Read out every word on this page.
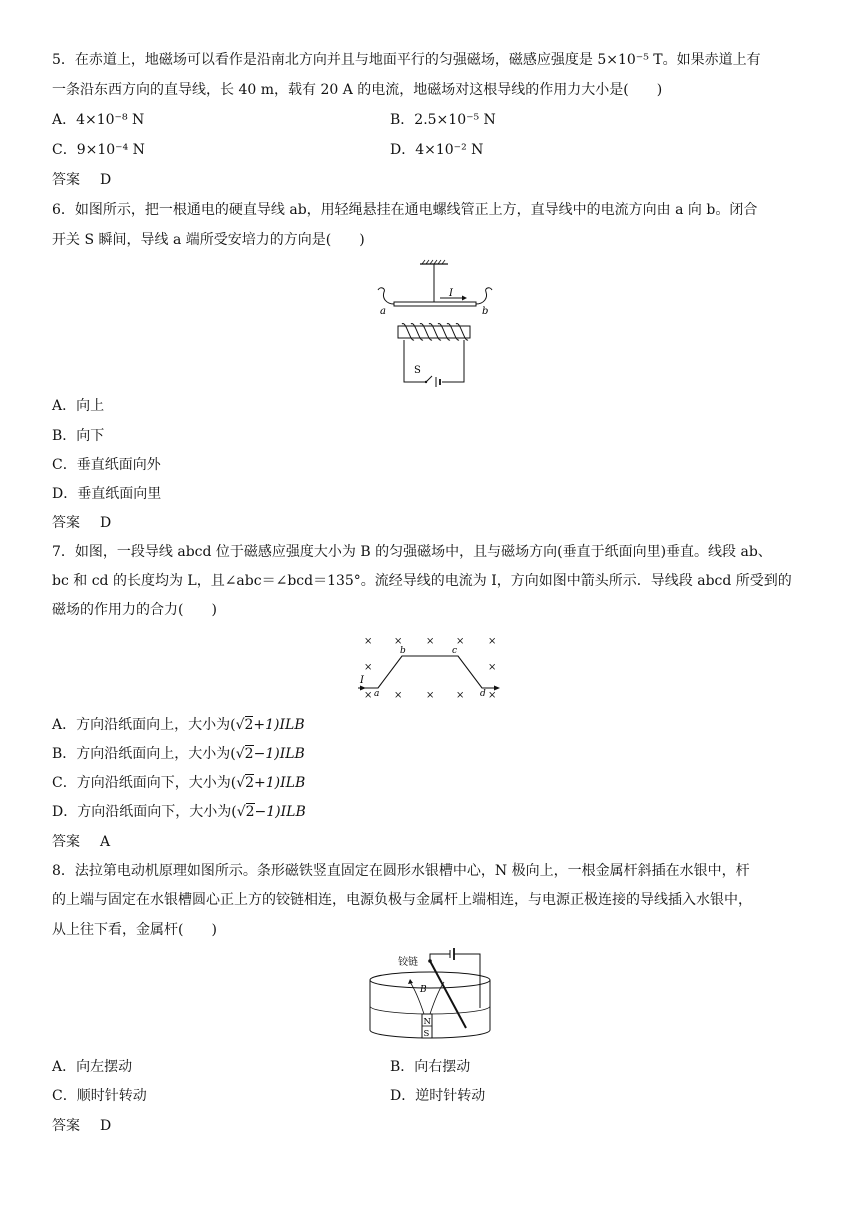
5．在赤道上，地磁场可以看作是沿南北方向并且与地面平行的匀强磁场，磁感应强度是 5×10⁻⁵ T。如果赤道上有
一条沿东西方向的直导线，长 40 m，载有 20 A 的电流，地磁场对这根导线的作用力大小是(　　)
A．4×10⁻⁸ N	B．2.5×10⁻⁵ N
C．9×10⁻⁴ N	D．4×10⁻² N
答案 D
6．如图所示，把一根通电的硬直导线 ab，用轻绳悬挂在通电螺线管正上方，直导线中的电流方向由 a 向 b。闭合
开关 S 瞬间，导线 a 端所受安培力的方向是(　　)
I
a	b
S
A．向上
B．向下
C．垂直纸面向外
D．垂直纸面向里
答案 D
7．如图，一段导线 abcd 位于磁感应强度大小为 B 的匀强磁场中，且与磁场方向(垂直于纸面向里)垂直。线段 ab、
bc 和 cd 的长度均为 L，且∠abc＝∠bcd＝135°。流经导线的电流为 I，方向如图中箭头所示．导线段 abcd 所受到的
磁场的作用力的合力(　　)
× × × × ×
×	×
× × × × ×
I
a
b	c
d
A．方向沿纸面向上，大小为(√2+1)ILB
B．方向沿纸面向上，大小为(√2−1)ILB
C．方向沿纸面向下，大小为(√2+1)ILB
D．方向沿纸面向下，大小为(√2−1)ILB
答案 A
8．法拉第电动机原理如图所示。条形磁铁竖直固定在圆形水银槽中心，N 极向上，一根金属杆斜插在水银中，杆
的上端与固定在水银槽圆心正上方的铰链相连，电源负极与金属杆上端相连，与电源正极连接的导线插入水银中，
从上往下看，金属杆(　　)
N
S
B
铰链
A．向左摆动	B．向右摆动
C．顺时针转动	D．逆时针转动
答案 D
